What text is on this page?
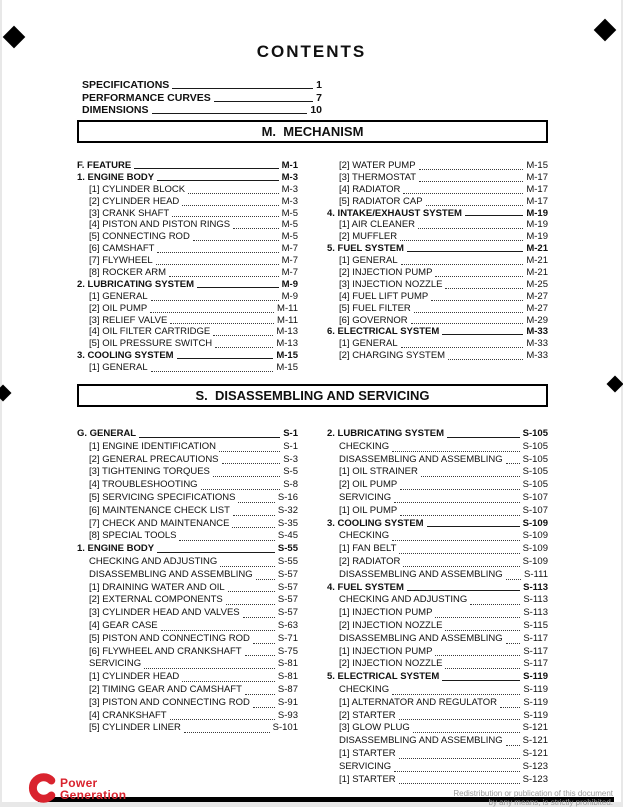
CONTENTS
SPECIFICATIONS	1
PERFORMANCE CURVES	7
DIMENSIONS	10
M.  MECHANISM
F. FEATURE	M-1
1. ENGINE BODY	M-3
[1] CYLINDER BLOCK	M-3
[2] CYLINDER HEAD	M-3
[3] CRANK SHAFT	M-5
[4] PISTON AND PISTON RINGS	M-5
[5] CONNECTING ROD	M-5
[6] CAMSHAFT	M-7
[7] FLYWHEEL	M-7
[8] ROCKER ARM	M-7
2. LUBRICATING SYSTEM	M-9
[1] GENERAL	M-9
[2] OIL PUMP	M-11
[3] RELIEF VALVE	M-11
[4] OIL FILTER CARTRIDGE	M-13
[5] OIL PRESSURE SWITCH	M-13
3. COOLING SYSTEM	M-15
[1] GENERAL	M-15
[2] WATER PUMP	M-15
[3] THERMOSTAT	M-17
[4] RADIATOR	M-17
[5] RADIATOR CAP	M-17
4. INTAKE/EXHAUST SYSTEM	M-19
[1] AIR CLEANER	M-19
[2] MUFFLER	M-19
5. FUEL SYSTEM	M-21
[1] GENERAL	M-21
[2] INJECTION PUMP	M-21
[3] INJECTION NOZZLE	M-25
[4] FUEL LIFT PUMP	M-27
[5] FUEL FILTER	M-27
[6] GOVERNOR	M-29
6. ELECTRICAL SYSTEM	M-33
[1] GENERAL	M-33
[2] CHARGING SYSTEM	M-33
S.  DISASSEMBLING AND SERVICING
G. GENERAL	S-1
[1] ENGINE IDENTIFICATION	S-1
[2] GENERAL PRECAUTIONS	S-3
[3] TIGHTENING TORQUES	S-5
[4] TROUBLESHOOTING	S-8
[5] SERVICING SPECIFICATIONS	S-16
[6] MAINTENANCE CHECK LIST	S-32
[7] CHECK AND MAINTENANCE	S-35
[8] SPECIAL TOOLS	S-45
1. ENGINE BODY	S-55
CHECKING AND ADJUSTING	S-55
DISASSEMBLING AND ASSEMBLING	S-57
[1] DRAINING WATER AND OIL	S-57
[2] EXTERNAL COMPONENTS	S-57
[3] CYLINDER HEAD AND VALVES	S-57
[4] GEAR CASE	S-63
[5] PISTON AND CONNECTING ROD	S-71
[6] FLYWHEEL AND CRANKSHAFT	S-75
SERVICING	S-81
[1] CYLINDER HEAD	S-81
[2] TIMING GEAR AND CAMSHAFT	S-87
[3] PISTON AND CONNECTING ROD	S-91
[4] CRANKSHAFT	S-93
[5] CYLINDER LINER	S-101
2. LUBRICATING SYSTEM	S-105
CHECKING	S-105
DISASSEMBLING AND ASSEMBLING S-105
[1] OIL STRAINER	S-105
[2] OIL PUMP	S-105
SERVICING	S-107
[1] OIL PUMP	S-107
3. COOLING SYSTEM	S-109
CHECKING	S-109
[1] FAN BELT	S-109
[2] RADIATOR	S-109
DISASSEMBLING AND ASSEMBLING S-111
4. FUEL SYSTEM	S-113
CHECKING AND ADJUSTING	S-113
[1] INJECTION PUMP	S-113
[2] INJECTION NOZZLE	S-115
DISASSEMBLING AND ASSEMBLING S-117
[1] INJECTION PUMP	S-117
[2] INJECTION NOZZLE	S-117
5. ELECTRICAL SYSTEM	S-119
CHECKING	S-119
[1] ALTERNATOR AND REGULATOR	S-119
[2] STARTER	S-119
[3] GLOW PLUG	S-121
DISASSEMBLING AND ASSEMBLING S-121
[1] STARTER	S-121
SERVICING	S-123
[1] STARTER	S-123
Power
Generation	Redistribution or publication of this document
by any means, is strictly prohibited.
